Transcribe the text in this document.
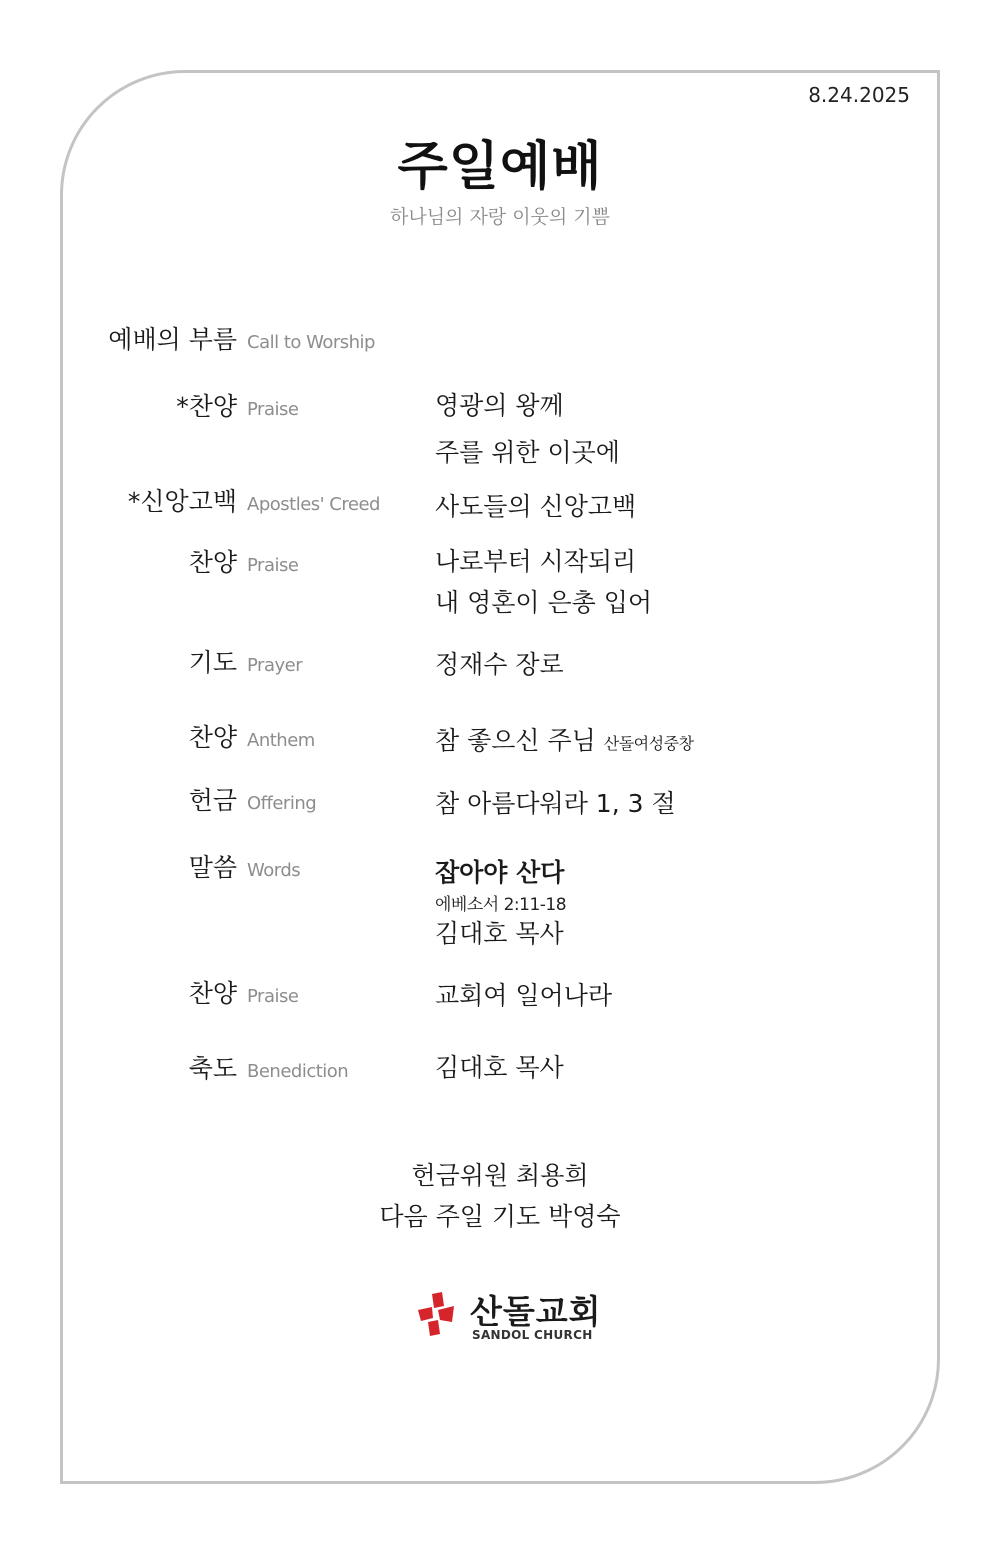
8.24.2025
주일예배
하나님의 자랑 이웃의 기쁨
예배의 부름 Call to Worship
*찬양 Praise	영광의 왕께
주를 위한 이곳에
*신앙고백 Apostles' Creed 사도들의 신앙고백
찬양 Praise	나로부터 시작되리
내 영혼이 은총 입어
기도 Prayer	정재수 장로
찬양 Anthem	참 좋으신 주님 산돌여성중창
헌금 Offering	참 아름다워라 1, 3 절
말씀 Words	잡아야 산다
에베소서 2:11-18
김대호 목사
찬양 Praise	교회여 일어나라
축도 Benediction	김대호 목사
헌금위원 최용희
다음 주일 기도 박영숙
산돌교회
SANDOL CHURCH
